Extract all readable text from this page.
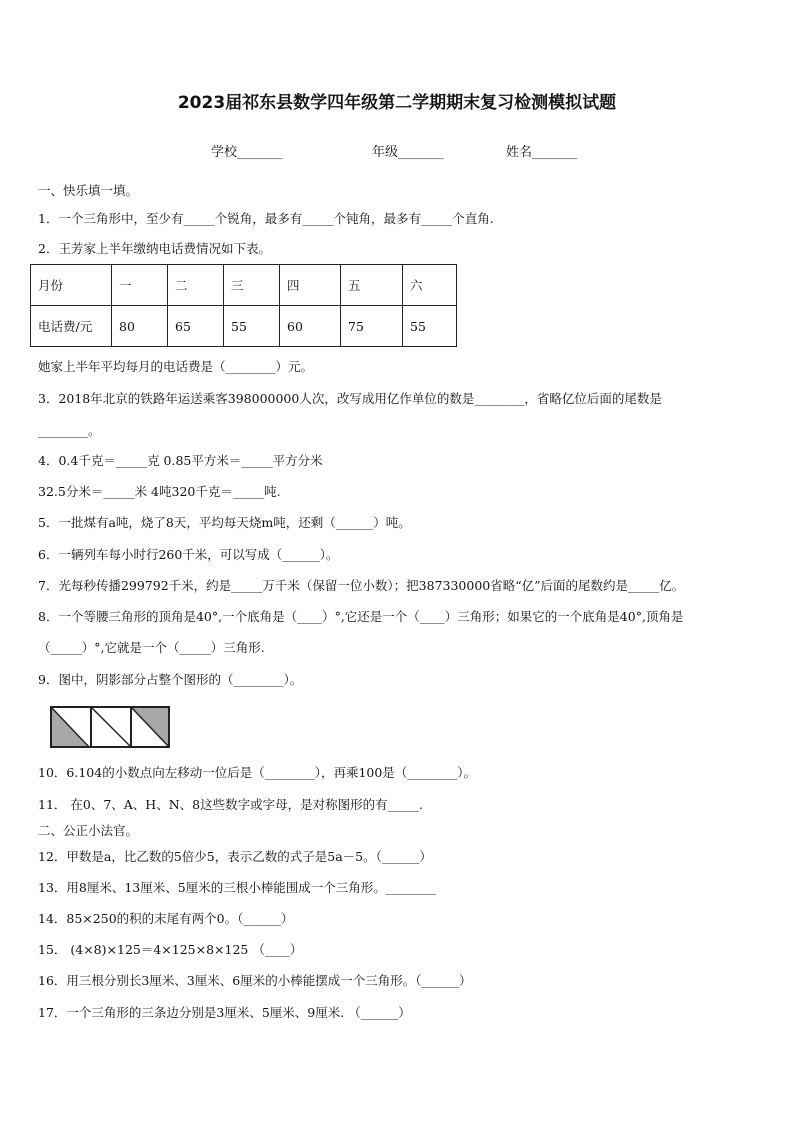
2023届祁东县数学四年级第二学期期末复习检测模拟试题
学校_______	年级_______	姓名_______
一、快乐填一填。
1．一个三角形中，至少有_____个锐角，最多有_____个钝角，最多有_____个直角.
2．王芳家上半年缴纳电话费情况如下表。
月份	一	二	三	四	五	六
电话费/元	80	65	55	60	75	55
她家上半年平均每月的电话费是（________）元。
3．2018年北京的铁路年运送乘客398000000人次，改写成用亿作单位的数是________，省略亿位后面的尾数是
________。
4．0.4千克＝_____克 0.85平方米＝_____平方分米
32.5分米＝_____米 4吨320千克＝_____吨.
5．一批煤有a吨，烧了8天，平均每天烧m吨，还剩（______）吨。
6．一辆列车每小时行260千米，可以写成（______）。
7．光每秒传播299792千米，约是_____万千米（保留一位小数）；把387330000省略“亿”后面的尾数约是_____亿。
8．一个等腰三角形的顶角是40°,一个底角是（____）°,它还是一个（____）三角形；如果它的一个底角是40°,顶角是
（_____）°,它就是一个（_____）三角形.
9．图中，阴影部分占整个图形的（________）。
10．6.104的小数点向左移动一位后是（________），再乘100是（________）。
11． 在0、7、A、H、N、8这些数字或字母，是对称图形的有_____.
二、公正小法官。
12．甲数是a，比乙数的5倍少5，表示乙数的式子是5a－5。（______）
13．用8厘米、13厘米、5厘米的三根小棒能围成一个三角形。________
14．85×250的积的末尾有两个0。（______）
15． (4×8)×125＝4×125×8×125 （____）
16．用三根分别长3厘米、3厘米、6厘米的小棒能摆成一个三角形。（______）
17．一个三角形的三条边分别是3厘米、5厘米、9厘米. （______）
